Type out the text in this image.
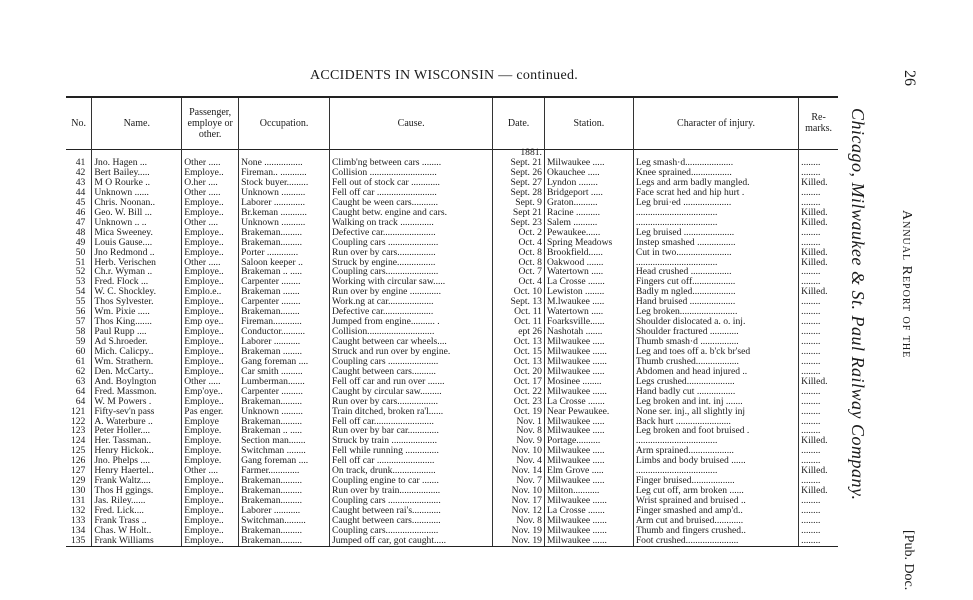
ACCIDENTS IN WISCONSIN — continued.
No.	Name.	Passenger, employe or other.	Occupation.	Cause.	Date.	Station.	Character of injury.	Re-marks.
					1881.			
41	Jno. Hagen ...	Other .....	None ................	Climb'ng between cars ........	Sept. 21	Milwaukee .....	Leg smash·d....................	........
42	Bert Bailey.....	Employe..	Fireman.. ...........	Collision ............................	Sept. 26	Okauchee .....	Knee sprained.................	........
43	M O Rourke ..	O.her ....	Stock buyer.........	Fell out of stock car ............	Sept. 27	Lyndon ........	Legs and arm badly mangled.	Killed.
44	Unknown ......	Other .....	Unknown ..........	Fell off car .........................	Sept. 28	Bridgeport .....	Face scrat hed and hip hurt .	........
45	Chris. Noonan..	Employe..	Laborer .............	Caught be ween cars...........	Sept. 9	Graton..........	Leg brui·ed ....................	........
46	Geo. W. Bill ...	Employe..	Br.keman ...........	Caught betw. engine and cars.	Sept 21	Racine ..........	..................................	Killed.
47	Unknown .. ..	Other ....	Unknown ..........	Walking on track ..............	Sept. 23	Salem ..........	..................................	Killed.
48	Mica Sweeney.	Employe..	Brakeman.........	Defective car......................	Oct. 2	Pewaukee......	Leg bruised .....................	........
49	Louis Gause....	Employe..	Brakeman.........	Coupling cars .....................	Oct. 4	Spring Meadows	Instep smashed ................	........
50	Jno Redmond ..	Employe..	Porter .............	Run over by cars................	Oct. 8	Brookfield......	Cut in two.......................	Killed.
51	Herb. Verischen	Other .....	Saloon keeper ..	Struck by engine................	Oct. 8	Oakwood .......	..................................	Killed.
52	Ch.r. Wyman ..	Employe..	Brakeman .. .....	Coupling cars......................	Oct. 7	Watertown .....	Head crushed .................	........
53	Fred. Flock ...	Employe..	Carpenter ........	Working with circular saw.....	Oct. 4	La Crosse .......	Fingers cut off..................	........
54	W. C. Shockley.	Emplo.e..	Brakeman .......	Run over by engine .............	Oct. 10	Lewiston ........	Badly m ngled..................	Killed.
55	Thos Sylvester.	Employe..	Carpenter ........	Work.ng at car...................	Sept. 13	M.lwaukee .....	Hand bruised ...................	........
56	Wm. Pixie .....	Employe..	Brakeman........	Defective car.....................	Oct. 11	Watertown .....	Leg broken........................	........
57	Thos King.......	Emp oye..	Fireman............	Jumped from engine.......... .	Oct. 11	Foarksville......	Shoulder dislocated a. o. inj.	........
58	Paul Rupp ....	Employe..	Conductor..........	Collision............................	ept 26	Nashotah .......	Shoulder fractured ............	........
59	Ad S.hroeder.	Employe..	Laborer ...........	Caught between car wheels....	Oct. 13	Milwaukee .....	Thumb smash·d ................	........
60	Mich. Calicpy..	Employe..	Brakeman ........	Struck and run over by engine.	Oct. 15	Milwaukee ......	Leg and toes off a. b'ck br'sed	........
61	Wm. Strathern.	Employe..	Gang foreman ....	Coupling cars .....................	Oct. 13	Milwaukee ......	Thumb crushed..................	........
62	Den. McCarty..	Employe..	Car smith .........	Caught between cars..........	Oct. 20	Milwaukee .....	Abdomen and head injured ..	........
63	And. Boylngton	Other .....	Lumberman.......	Fell off car and run over .......	Oct. 17	Mosinee ........	Legs crushed....................	Killed.
64	Fred. Massmon.	Emp'oye..	Carpenter .........	Caught by circular saw.........	Oct. 22	Milwaukee ......	Hand badly cut ................	........
64	W. M Powers .	Employe..	Brakeman.........	Run over by cars.................	Oct. 23	La Crosse .......	Leg broken and int. inj .......	........
121	Fifty-sev'n pass	Pas enger.	Unknown .........	Train ditched, broken ra'l......	Oct. 19	Near Pewaukee.	None ser. inj., all slightly inj	........
122	A. Waterbure ..	Employe	Brakeman.........	Fell off car.........................	Nov. 1	Milwaukee .....	Back hurt .......................	........
123	Peter Holler....	Employe.	Brakeman .. .....	Run over by bar car.............	Nov. 8	Milwaukee .....	Leg broken and foot bruised .	........
124	Her. Tassman..	Employe.	Section man.......	Struck by train ...................	Nov. 9	Portage..........	..................................	Killed.
125	Henry Hickok..	Employe.	Switchman ........	Fell while running ..............	Nov. 10	Milwaukee .....	Arm sprained...................	........
126	Jno. Phelps ....	Employe.	Gang foreman ....	Fell off car ........................	Nov. 4	Milwaukee .....	Limbs and body bruised ......	........
127	Henry Haertel..	Other ....	Farmer.............	On track, drunk..................	Nov. 14	Elm Grove .....	..................................	Killed.
129	Frank Waltz....	Employe..	Brakeman.........	Coupling engine to car .......	Nov. 7	Milwaukee .....	Finger bruised..................	........
130	Thos H ggings.	Employe..	Brakeman.........	Run over by train.................	Nov. 10	Milton...........	Leg cut off, arm broken ......	Killed.
131	Jas. Riley......	Employe..	Brakeman.........	Coupling cars ......................	Nov. 17	Milwaukee ......	Wrist sprained and bruised ..	........
132	Fred. Lick....	Employe..	Laborer ...........	Caught between rai's............	Nov. 12	La Crosse .......	Finger smashed and amp'd..	........
133	Frank Trass ..	Employe..	Switchman.........	Caught between cars............	Nov. 8	Milwaukee ......	Arm cut and bruised............	........
134	Chas. W Holt..	Employe..	Brakeman.........	Coupling cars......................	Nov. 19	Milwaukee ......	Thumb and fingers crushed..	........
135	Frank Williams	Employe..	Brakeman.........	Jumped off car, got caught.....	Nov. 19	Milwaukee ......	Foot crushed......................	........
26
Chicago, Milwaukee & St. Paul Railway Company. Annual Report of the
[Pub. Doc.
